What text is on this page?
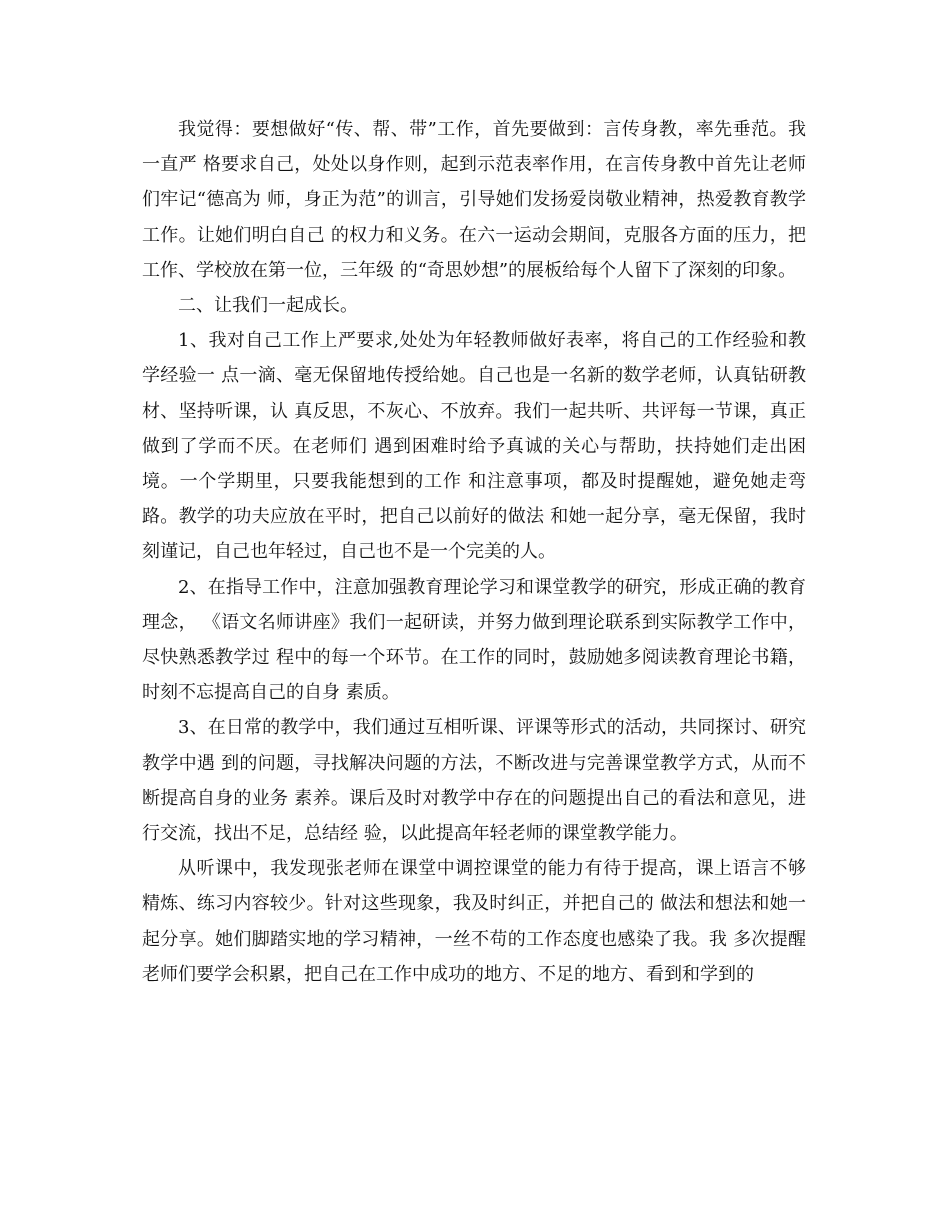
我觉得：要想做好“传、帮、带”工作，首先要做到：言传身教，率先垂范。我一直严 格要求自己，处处以身作则，起到示范表率作用，在言传身教中首先让老师们牢记“德高为 师，身正为范”的训言，引导她们发扬爱岗敬业精神，热爱教育教学工作。让她们明白自己 的权力和义务。在六一运动会期间，克服各方面的压力，把工作、学校放在第一位，三年级 的“奇思妙想”的展板给每个人留下了深刻的印象。

二、让我们一起成长。

1、我对自己工作上严要求,处处为年轻教师做好表率，将自己的工作经验和教学经验一 点一滴、毫无保留地传授给她。自己也是一名新的数学老师，认真钻研教材、坚持听课，认 真反思，不灰心、不放弃。我们一起共听、共评每一节课，真正做到了学而不厌。在老师们 遇到困难时给予真诚的关心与帮助，扶持她们走出困境。一个学期里，只要我能想到的工作 和注意事项，都及时提醒她，避免她走弯路。教学的功夫应放在平时，把自己以前好的做法 和她一起分享，毫无保留，我时刻谨记，自己也年轻过，自己也不是一个完美的人。

2、在指导工作中，注意加强教育理论学习和课堂教学的研究，形成正确的教育理念， 《语文名师讲座》我们一起研读，并努力做到理论联系到实际教学工作中，尽快熟悉教学过 程中的每一个环节。在工作的同时，鼓励她多阅读教育理论书籍，时刻不忘提高自己的自身 素质。

3、在日常的教学中，我们通过互相听课、评课等形式的活动，共同探讨、研究教学中遇 到的问题，寻找解决问题的方法，不断改进与完善课堂教学方式，从而不断提高自身的业务 素养。课后及时对教学中存在的问题提出自己的看法和意见，进行交流，找出不足，总结经 验，以此提高年轻老师的课堂教学能力。

从听课中，我发现张老师在课堂中调控课堂的能力有待于提高，课上语言不够精炼、练习内容较少。针对这些现象，我及时纠正，并把自己的 做法和想法和她一起分享。她们脚踏实地的学习精神，一丝不苟的工作态度也感染了我。我 多次提醒老师们要学会积累，把自己在工作中成功的地方、不足的地方、看到和学到的
